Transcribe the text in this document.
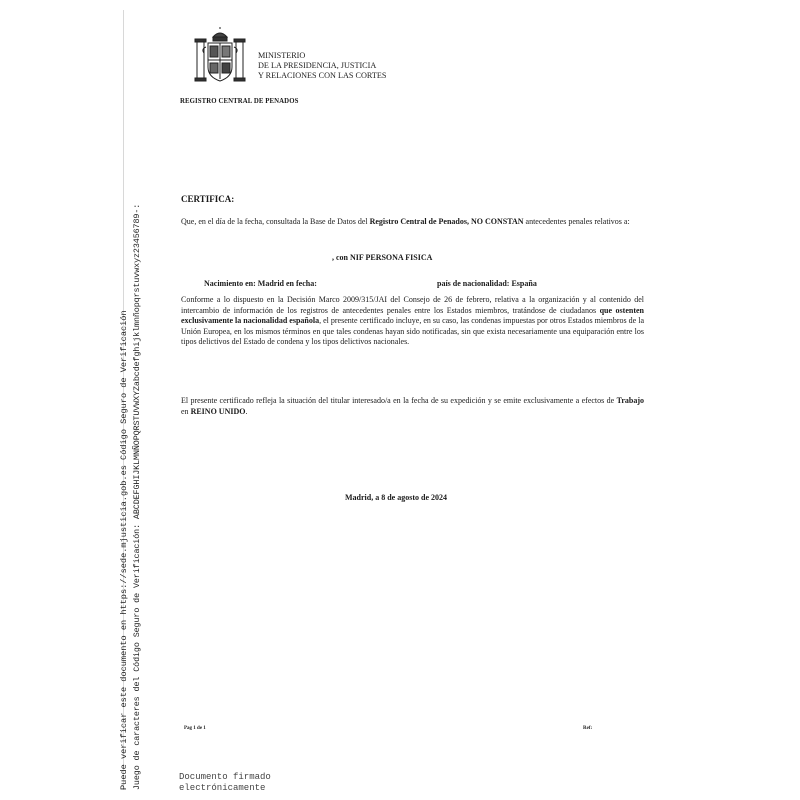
Puede verificar este documento en https://sede.mjusticia.gob.es Código Seguro de Verificación Juego de caracteres del Código Seguro de Verificación: ABCDEFGHIJKLMNÑOPQRSTUVWXYZabcdefghijklmnñopqrstuvwxyz23456789-:
MINISTERIO
DE LA PRESIDENCIA, JUSTICIA
Y RELACIONES CON LAS CORTES
REGISTRO CENTRAL DE PENADOS
CERTIFICA:
Que, en el día de la fecha, consultada la Base de Datos del Registro Central de Penados, NO CONSTAN antecedentes penales relativos a:
, con NIF PERSONA FISICA
Nacimiento en: Madrid en fecha:	país de nacionalidad: España
Conforme a lo dispuesto en la Decisión Marco 2009/315/JAI del Consejo de 26 de febrero, relativa a la organización y al contenido del intercambio de información de los registros de antecedentes penales entre los Estados miembros, tratándose de ciudadanos que ostenten exclusivamente la nacionalidad española, el presente certificado incluye, en su caso, las condenas impuestas por otros Estados miembros de la Unión Europea, en los mismos términos en que tales condenas hayan sido notificadas, sin que exista necesariamente una equiparación entre los tipos delictivos del Estado de condena y los tipos delictivos nacionales.
El presente certificado refleja la situación del titular interesado/a en la fecha de su expedición y se emite exclusivamente a efectos de Trabajo en REINO UNIDO.
Madrid, a 8 de agosto de 2024
Pag 1 de 1	Ref:
Documento firmado
electrónicamente
